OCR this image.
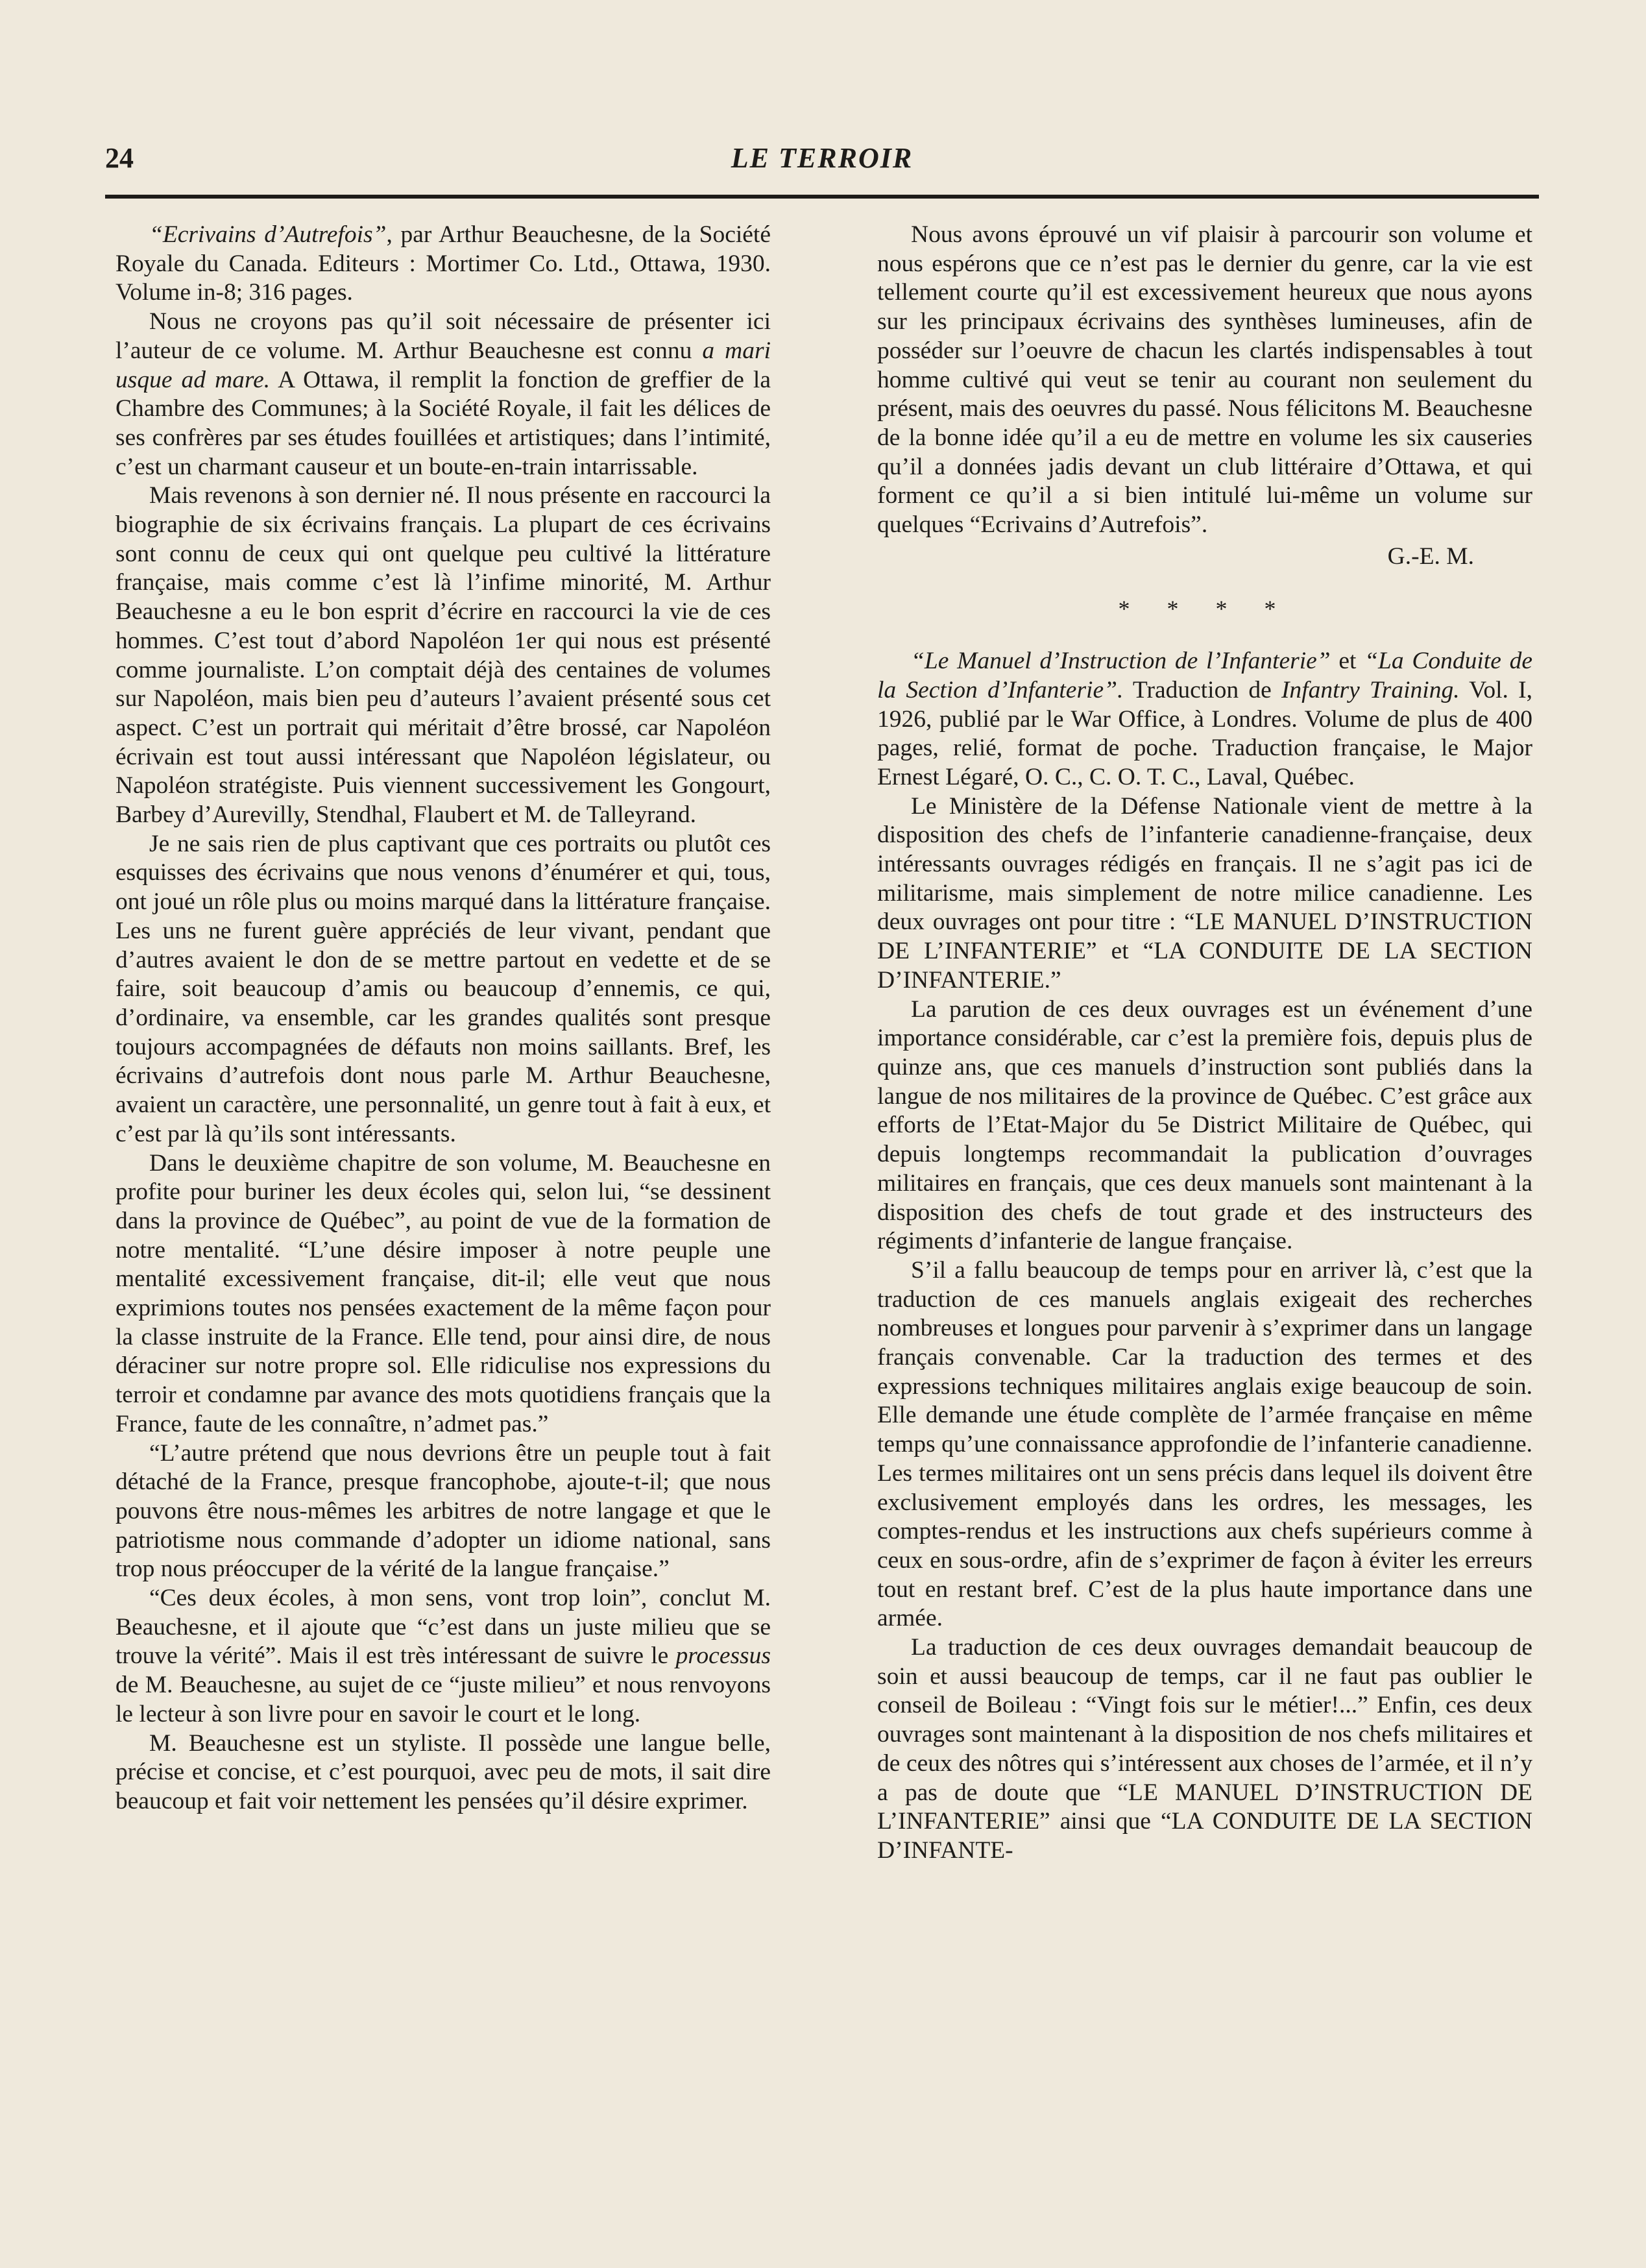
24	LE TERROIR

“Ecrivains d’Autrefois”, par Arthur Beauchesne, de la Société Royale du Canada. Editeurs : Mortimer Co. Ltd., Ottawa, 1930. Volume in-8; 316 pages.

Nous ne croyons pas qu’il soit nécessaire de présenter ici l’auteur de ce volume. M. Arthur Beauchesne est connu a mari usque ad mare. A Ottawa, il remplit la fonction de greffier de la Chambre des Communes; à la Société Royale, il fait les délices de ses confrères par ses études fouillées et artistiques; dans l’intimité, c’est un charmant causeur et un boute-en-train intarrissable.

Mais revenons à son dernier né. Il nous présente en raccourci la biographie de six écrivains français. La plupart de ces écrivains sont connu de ceux qui ont quelque peu cultivé la littérature française, mais comme c’est là l’infime minorité, M. Arthur Beauchesne a eu le bon esprit d’écrire en raccourci la vie de ces hommes. C’est tout d’abord Napoléon 1er qui nous est présenté comme journaliste. L’on comptait déjà des centaines de volumes sur Napoléon, mais bien peu d’auteurs l’avaient présenté sous cet aspect. C’est un portrait qui méritait d’être brossé, car Napoléon écrivain est tout aussi intéressant que Napoléon législateur, ou Napoléon stratégiste. Puis viennent successivement les Gongourt, Barbey d’Aurevilly, Stendhal, Flaubert et M. de Talleyrand.

Je ne sais rien de plus captivant que ces portraits ou plutôt ces esquisses des écrivains que nous venons d’énumérer et qui, tous, ont joué un rôle plus ou moins marqué dans la littérature française. Les uns ne furent guère appréciés de leur vivant, pendant que d’autres avaient le don de se mettre partout en vedette et de se faire, soit beaucoup d’amis ou beaucoup d’ennemis, ce qui, d’ordinaire, va ensemble, car les grandes qualités sont presque toujours accompagnées de défauts non moins saillants. Bref, les écrivains d’autrefois dont nous parle M. Arthur Beauchesne, avaient un caractère, une personnalité, un genre tout à fait à eux, et c’est par là qu’ils sont intéressants.

Dans le deuxième chapitre de son volume, M. Beauchesne en profite pour buriner les deux écoles qui, selon lui, “se dessinent dans la province de Québec”, au point de vue de la formation de notre mentalité. “L’une désire imposer à notre peuple une mentalité excessivement française, dit-il; elle veut que nous exprimions toutes nos pensées exactement de la même façon pour la classe instruite de la France. Elle tend, pour ainsi dire, de nous déraciner sur notre propre sol. Elle ridiculise nos expressions du terroir et condamne par avance des mots quotidiens français que la France, faute de les connaître, n’admet pas.”

“L’autre prétend que nous devrions être un peuple tout à fait détaché de la France, presque francophobe, ajoute-t-il; que nous pouvons être nous-mêmes les arbitres de notre langage et que le patriotisme nous commande d’adopter un idiome national, sans trop nous préoccuper de la vérité de la langue française.”

“Ces deux écoles, à mon sens, vont trop loin”, conclut M. Beauchesne, et il ajoute que “c’est dans un juste milieu que se trouve la vérité”. Mais il est très intéressant de suivre le processus de M. Beauchesne, au sujet de ce “juste milieu” et nous renvoyons le lecteur à son livre pour en savoir le court et le long.

M. Beauchesne est un styliste. Il possède une langue belle, précise et concise, et c’est pourquoi, avec peu de mots, il sait dire beaucoup et fait voir nettement les pensées qu’il désire exprimer.

Nous avons éprouvé un vif plaisir à parcourir son volume et nous espérons que ce n’est pas le dernier du genre, car la vie est tellement courte qu’il est excessivement heureux que nous ayons sur les principaux écrivains des synthèses lumineuses, afin de posséder sur l’oeuvre de chacun les clartés indispensables à tout homme cultivé qui veut se tenir au courant non seulement du présent, mais des oeuvres du passé. Nous félicitons M. Beauchesne de la bonne idée qu’il a eu de mettre en volume les six causeries qu’il a données jadis devant un club littéraire d’Ottawa, et qui forment ce qu’il a si bien intitulé lui-même un volume sur quelques “Ecrivains d’Autrefois”.

G.-E. M.
* * * *

“Le Manuel d’Instruction de l’Infanterie” et “La Conduite de la Section d’Infanterie”. Traduction de Infantry Training. Vol. I, 1926, publié par le War Office, à Londres. Volume de plus de 400 pages, relié, format de poche. Traduction française, le Major Ernest Légaré, O. C., C. O. T. C., Laval, Québec.

Le Ministère de la Défense Nationale vient de mettre à la disposition des chefs de l’infanterie canadienne-française, deux intéressants ouvrages rédigés en français. Il ne s’agit pas ici de militarisme, mais simplement de notre milice canadienne. Les deux ouvrages ont pour titre : “LE MANUEL D’INSTRUCTION DE L’INFANTERIE” et “LA CONDUITE DE LA SECTION D’INFANTERIE.”

La parution de ces deux ouvrages est un événement d’une importance considérable, car c’est la première fois, depuis plus de quinze ans, que ces manuels d’instruction sont publiés dans la langue de nos militaires de la province de Québec. C’est grâce aux efforts de l’Etat-Major du 5e District Militaire de Québec, qui depuis longtemps recommandait la publication d’ouvrages militaires en français, que ces deux manuels sont maintenant à la disposition des chefs de tout grade et des instructeurs des régiments d’infanterie de langue française.

S’il a fallu beaucoup de temps pour en arriver là, c’est que la traduction de ces manuels anglais exigeait des recherches nombreuses et longues pour parvenir à s’exprimer dans un langage français convenable. Car la traduction des termes et des expressions techniques militaires anglais exige beaucoup de soin. Elle demande une étude complète de l’armée française en même temps qu’une connaissance approfondie de l’infanterie canadienne. Les termes militaires ont un sens précis dans lequel ils doivent être exclusivement employés dans les ordres, les messages, les comptes-rendus et les instructions aux chefs supérieurs comme à ceux en sous-ordre, afin de s’exprimer de façon à éviter les erreurs tout en restant bref. C’est de la plus haute importance dans une armée.

La traduction de ces deux ouvrages demandait beaucoup de soin et aussi beaucoup de temps, car il ne faut pas oublier le conseil de Boileau : “Vingt fois sur le métier!...” Enfin, ces deux ouvrages sont maintenant à la disposition de nos chefs militaires et de ceux des nôtres qui s’intéressent aux choses de l’armée, et il n’y a pas de doute que “LE MANUEL D’INSTRUCTION DE L’INFANTERIE” ainsi que “LA CONDUITE DE LA SECTION D’INFANTE-
